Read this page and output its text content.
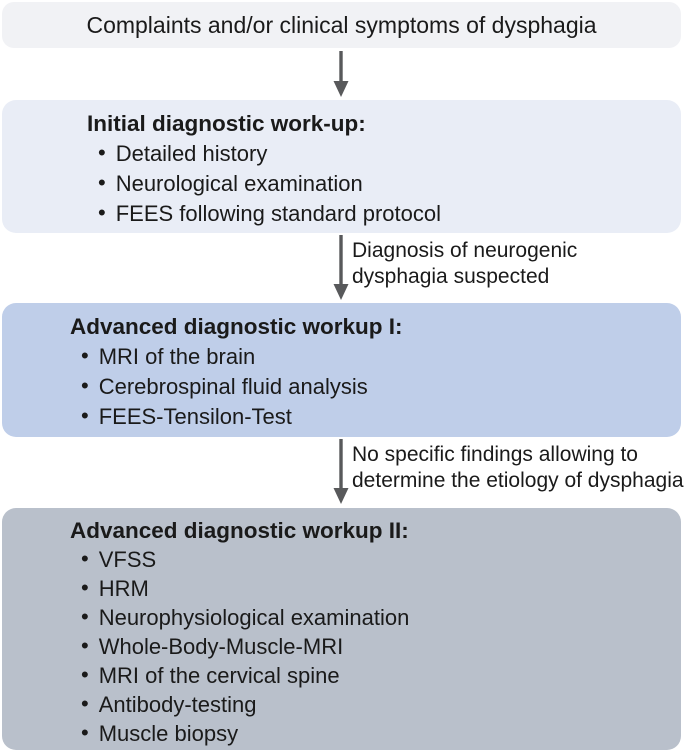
Complaints and/or clinical symptoms of dysphagia
Initial diagnostic work-up:
• Detailed history
• Neurological examination
• FEES following standard protocol
Diagnosis of neurogenic
dysphagia suspected
Advanced diagnostic workup I:
• MRI of the brain
• Cerebrospinal fluid analysis
• FEES-Tensilon-Test
No specific findings allowing to
determine the etiology of dysphagia
Advanced diagnostic workup II:
• VFSS
• HRM
• Neurophysiological examination
• Whole-Body-Muscle-MRI
• MRI of the cervical spine
• Antibody-testing
• Muscle biopsy
